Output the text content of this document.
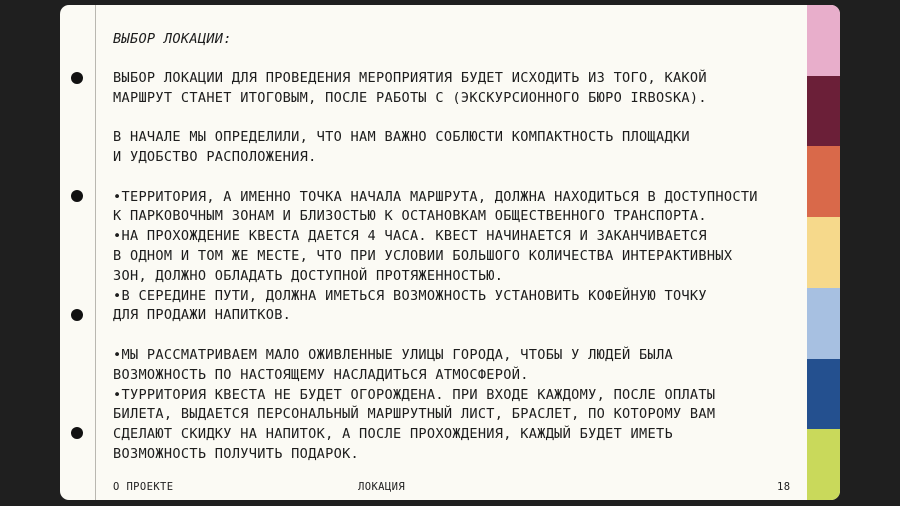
ВЫБОР ЛОКАЦИИ:
ВЫБОР ЛОКАЦИИ ДЛЯ ПРОВЕДЕНИЯ МЕРОПРИЯТИЯ БУДЕТ ИСХОДИТЬ ИЗ ТОГО, КАКОЙ
МАРШРУТ СТАНЕТ ИТОГОВЫМ, ПОСЛЕ РАБОТЫ С (ЭКСКУРСИОННОГО БЮРО IRBOSKA).
В НАЧАЛЕ МЫ ОПРЕДЕЛИЛИ, ЧТО НАМ ВАЖНО СОБЛЮСТИ КОМПАКТНОСТЬ ПЛОЩАДКИ
И УДОБСТВО РАСПОЛОЖЕНИЯ.
•ТЕРРИТОРИЯ, А ИМЕННО ТОЧКА НАЧАЛА МАРШРУТА, ДОЛЖНА НАХОДИТЬСЯ В ДОСТУПНОСТИ
К ПАРКОВОЧНЫМ ЗОНАМ И БЛИЗОСТЬЮ К ОСТАНОВКАМ ОБЩЕСТВЕННОГО ТРАНСПОРТА.
•НА ПРОХОЖДЕНИЕ КВЕСТА ДАЕТСЯ 4 ЧАСА. КВЕСТ НАЧИНАЕТСЯ И ЗАКАНЧИВАЕТСЯ
В ОДНОМ И ТОМ ЖЕ МЕСТЕ, ЧТО ПРИ УСЛОВИИ БОЛЬШОГО КОЛИЧЕСТВА ИНТЕРАКТИВНЫХ
ЗОН, ДОЛЖНО ОБЛАДАТЬ ДОСТУПНОЙ ПРОТЯЖЕННОСТЬЮ.
•В СЕРЕДИНЕ ПУТИ, ДОЛЖНА ИМЕТЬСЯ ВОЗМОЖНОСТЬ УСТАНОВИТЬ КОФЕЙНУЮ ТОЧКУ
ДЛЯ ПРОДАЖИ НАПИТКОВ.
•МЫ РАССМАТРИВАЕМ МАЛО ОЖИВЛЕННЫЕ УЛИЦЫ ГОРОДА, ЧТОБЫ У ЛЮДЕЙ БЫЛА
ВОЗМОЖНОСТЬ ПО НАСТОЯЩЕМУ НАСЛАДИТЬСЯ АТМОСФЕРОЙ.
•ТУРРИТОРИЯ КВЕСТА НЕ БУДЕТ ОГОРОЖДЕНА. ПРИ ВХОДЕ КАЖДОМУ, ПОСЛЕ ОПЛАТЫ
БИЛЕТА, ВЫДАЕТСЯ ПЕРСОНАЛЬНЫЙ МАРШРУТНЫЙ ЛИСТ, БРАСЛЕТ, ПО КОТОРОМУ ВАМ
СДЕЛАЮТ СКИДКУ НА НАПИТОК, А ПОСЛЕ ПРОХОЖДЕНИЯ, КАЖДЫЙ БУДЕТ ИМЕТЬ
ВОЗМОЖНОСТЬ ПОЛУЧИТЬ ПОДАРОК.
О ПРОЕКТЕ	ЛОКАЦИЯ	18
